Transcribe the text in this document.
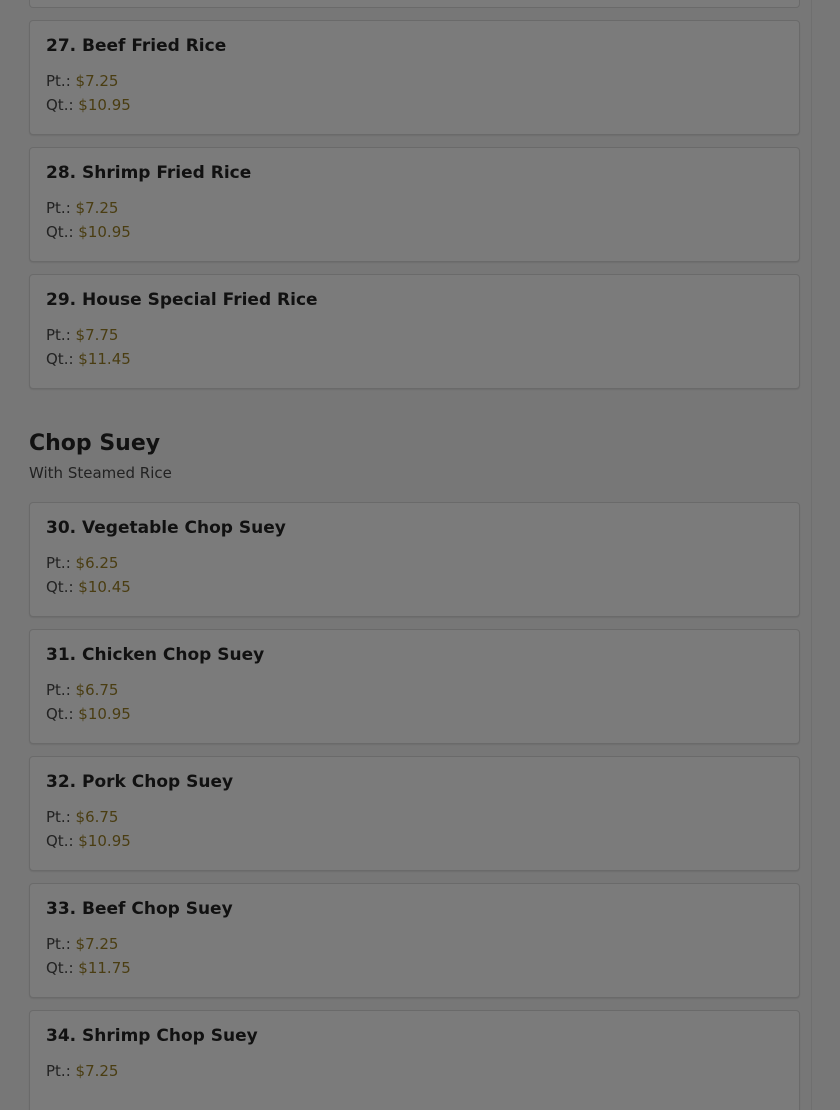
27. Beef Fried Rice
Pt.: $7.25
Qt.: $10.95
28. Shrimp Fried Rice
Pt.: $7.25
Qt.: $10.95
29. House Special Fried Rice
Pt.: $7.75
Qt.: $11.45
Chop Suey
With Steamed Rice
30. Vegetable Chop Suey
Pt.: $6.25
Qt.: $10.45
31. Chicken Chop Suey
Pt.: $6.75
Qt.: $10.95
32. Pork Chop Suey
Pt.: $6.75
Qt.: $10.95
33. Beef Chop Suey
Pt.: $7.25
Qt.: $11.75
34. Shrimp Chop Suey
Pt.: $7.25
